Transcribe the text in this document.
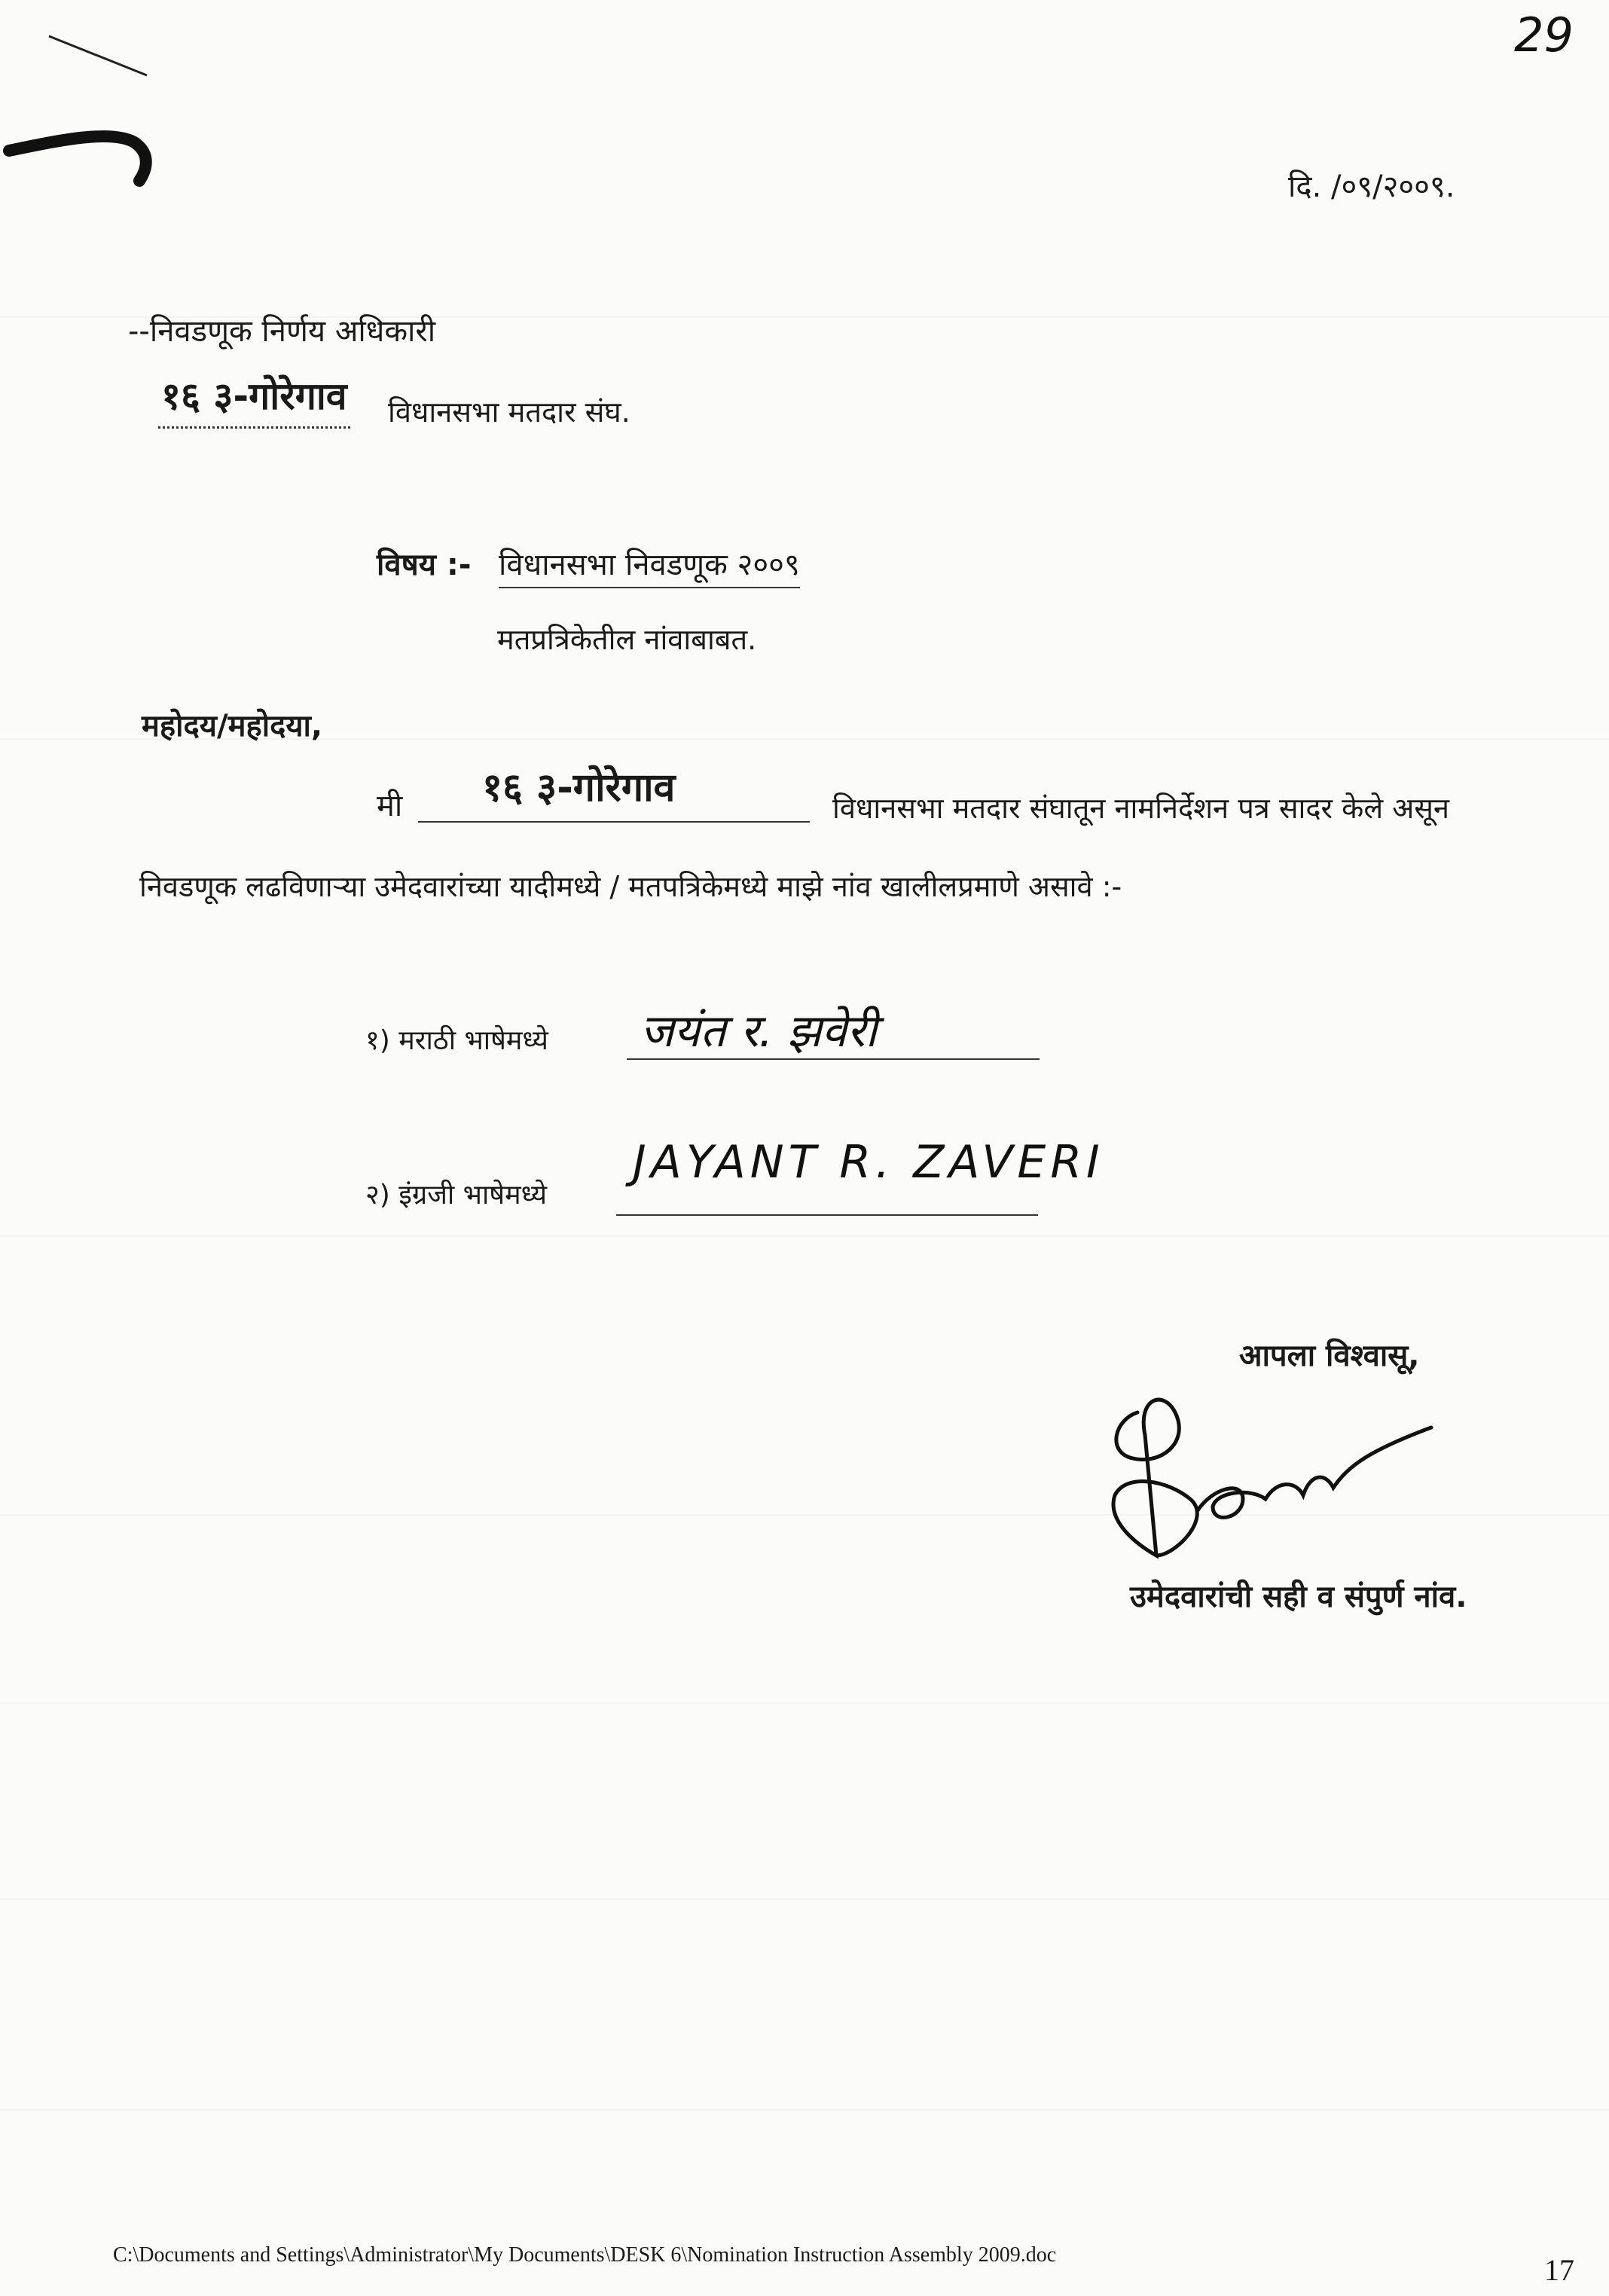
29
दि. /०९/२००९.
--निवडणूक निर्णय अधिकारी
१६ ३-गोरेगाव विधानसभा मतदार संघ.
विषय :- विधानसभा निवडणूक २००९
मतप्रत्रिकेतील नांवाबाबत.
महोदय/महोदया,
मी १६ ३-गोरेगाव	विधानसभा मतदार संघातून नामनिर्देशन पत्र सादर केले असून
निवडणूक लढविणाऱ्या उमेदवारांच्या यादीमध्ये / मतपत्रिकेमध्ये माझे नांव खालीलप्रमाणे असावे :-
१) मराठी भाषेमध्ये जयंत र. झवेरी
२) इंग्रजी भाषेमध्ये
JAYANT R. ZAVERI
आपला विश्वासू,
उमेदवारांची सही व संपुर्ण नांव.
C:\Documents and Settings\Administrator\My Documents\DESK 6\Nomination Instruction Assembly 2009.doc	17
